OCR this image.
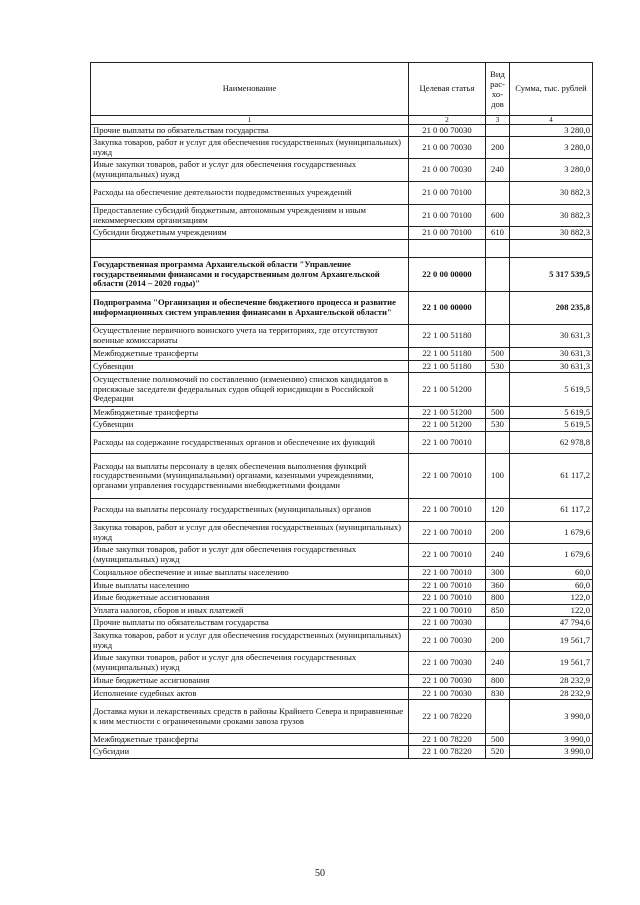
Наименование	Целевая статья	Вид рас-хо-дов	Сумма, тыс. рублей
1	2	3	4
Прочие выплаты по обязательствам государства	21 0 00 70030		3 280,0
Закупка товаров, работ и услуг для обеспечения государственных (муниципальных) нужд	21 0 00 70030	200	3 280,0
Иные закупки товаров, работ и услуг для обеспечения государственных (муниципальных) нужд	21 0 00 70030	240	3 280,0
Расходы на обеспечение деятельности подведомственных учреждений	21 0 00 70100		30 882,3
Предоставление субсидий бюджетным, автономным учреждениям и иным некоммерческим организациям	21 0 00 70100	600	30 882,3
Субсидии бюджетным учреждениям	21 0 00 70100	610	30 882,3

Государственная программа Архангельской области "Управление государственными финансами и государственным долгом Архангельской области (2014 – 2020 годы)"	22 0 00 00000		5 317 539,5
Подпрограмма "Организация и обеспечение бюджетного процесса и развитие информационных систем управления финансами в Архангельской области"	22 1 00 00000		208 235,8
Осуществление первичного воинского учета на территориях, где отсутствуют военные комиссариаты	22 1 00 51180		30 631,3
Межбюджетные трансферты	22 1 00 51180	500	30 631,3
Субвенции	22 1 00 51180	530	30 631,3
Осуществление полномочий по составлению (изменению) списков кандидатов в присяжные заседатели федеральных судов общей юрисдикции в Российской Федерации	22 1 00 51200		5 619,5
Межбюджетные трансферты	22 1 00 51200	500	5 619,5
Субвенции	22 1 00 51200	530	5 619,5
Расходы на содержание государственных органов и обеспечение их функций	22 1 00 70010		62 978,8
Расходы на выплаты персоналу в целях обеспечения выполнения функций государственными (муниципальными) органами, казенными учреждениями, органами управления государственными внебюджетными фондами	22 1 00 70010	100	61 117,2
Расходы на выплаты персоналу государственных (муниципальных) органов	22 1 00 70010	120	61 117,2
Закупка товаров, работ и услуг для обеспечения государственных (муниципальных) нужд	22 1 00 70010	200	1 679,6
Иные закупки товаров, работ и услуг для обеспечения государственных (муниципальных) нужд	22 1 00 70010	240	1 679,6
Социальное обеспечение и иные выплаты населению	22 1 00 70010	300	60,0
Иные выплаты населению	22 1 00 70010	360	60,0
Иные бюджетные ассигнования	22 1 00 70010	800	122,0
Уплата налогов, сборов и иных платежей	22 1 00 70010	850	122,0
Прочие выплаты по обязательствам государства	22 1 00 70030		47 794,6
Закупка товаров, работ и услуг для обеспечения государственных (муниципальных) нужд	22 1 00 70030	200	19 561,7
Иные закупки товаров, работ и услуг для обеспечения государственных (муниципальных) нужд	22 1 00 70030	240	19 561,7
Иные бюджетные ассигнования	22 1 00 70030	800	28 232,9
Исполнение судебных актов	22 1 00 70030	830	28 232,9
Доставка муки и лекарственных средств в районы Крайнего Севера и приравненные к ним местности с ограниченными сроками завоза грузов	22 1 00 78220		3 990,0
Межбюджетные трансферты	22 1 00 78220	500	3 990,0
Субсидии	22 1 00 78220	520	3 990,0
50
